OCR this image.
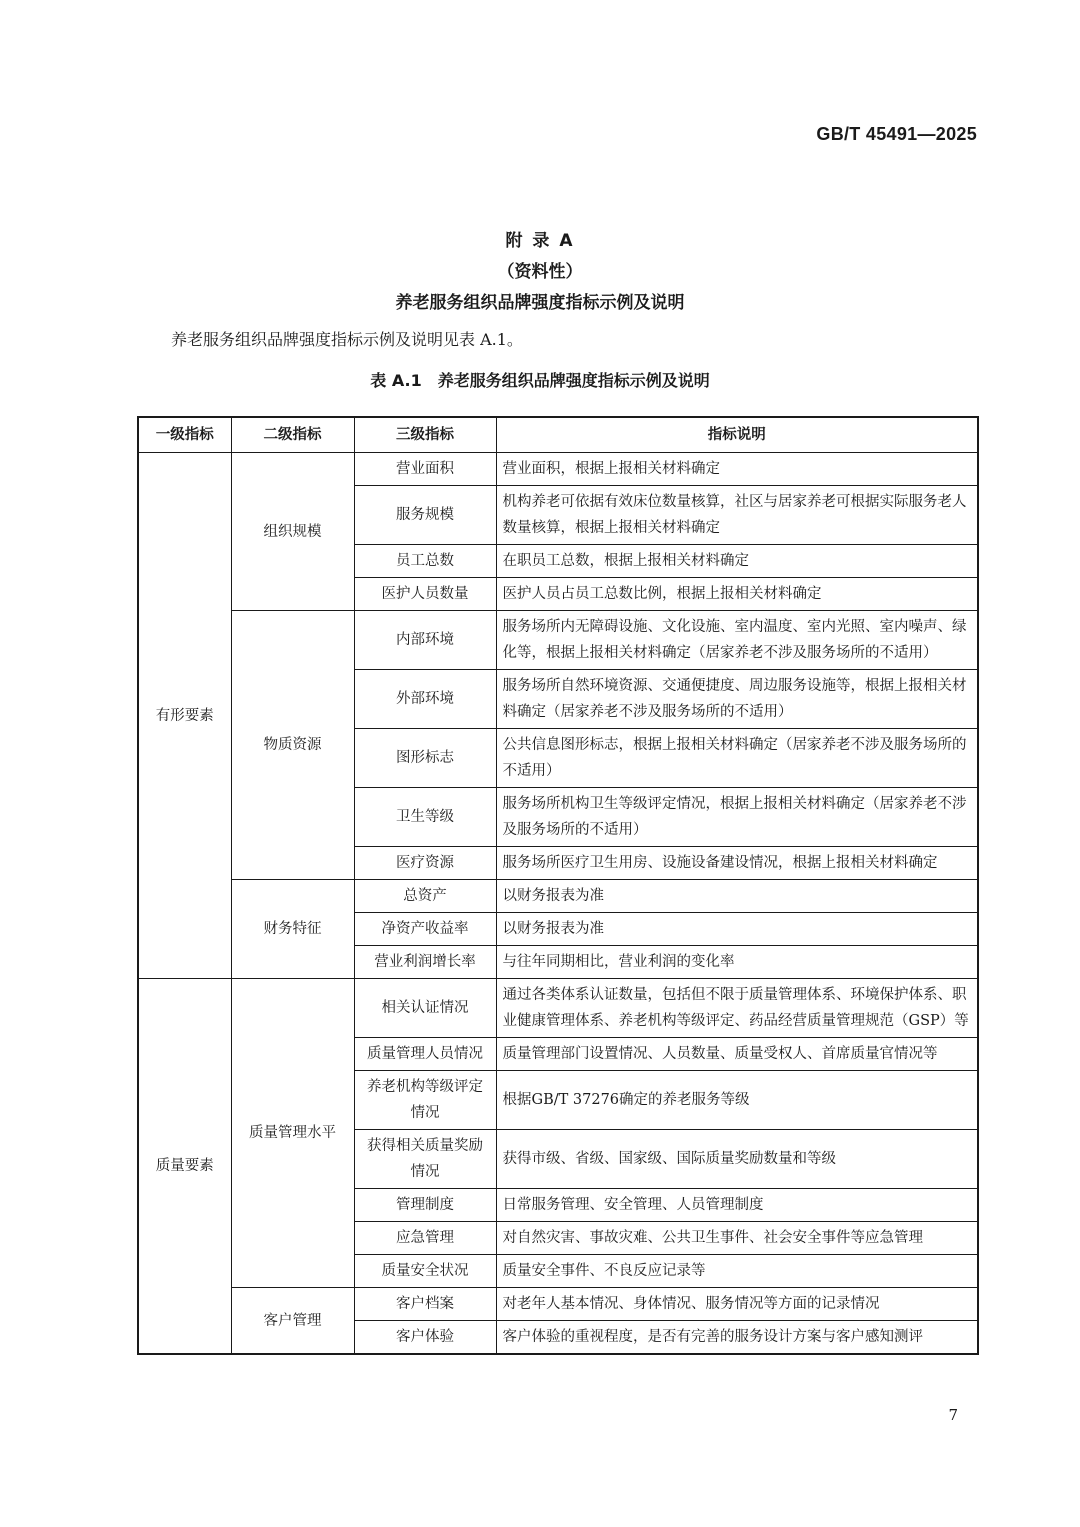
GB/T 45491—2025
附 录 A
（资料性）
养老服务组织品牌强度指标示例及说明
养老服务组织品牌强度指标示例及说明见表 A.1。
表 A.1　养老服务组织品牌强度指标示例及说明
一级指标	二级指标	三级指标	指标说明
有形要素	组织规模	营业面积	营业面积，根据上报相关材料确定
		服务规模	机构养老可依据有效床位数量核算，社区与居家养老可根据实际服务老人数量核算，根据上报相关材料确定
		员工总数	在职员工总数，根据上报相关材料确定
		医护人员数量	医护人员占员工总数比例，根据上报相关材料确定
	物质资源	内部环境	服务场所内无障碍设施、文化设施、室内温度、室内光照、室内噪声、绿化等，根据上报相关材料确定（居家养老不涉及服务场所的不适用）
		外部环境	服务场所自然环境资源、交通便捷度、周边服务设施等，根据上报相关材料确定（居家养老不涉及服务场所的不适用）
		图形标志	公共信息图形标志，根据上报相关材料确定（居家养老不涉及服务场所的不适用）
		卫生等级	服务场所机构卫生等级评定情况，根据上报相关材料确定（居家养老不涉及服务场所的不适用）
		医疗资源	服务场所医疗卫生用房、设施设备建设情况，根据上报相关材料确定
	财务特征	总资产	以财务报表为准
		净资产收益率	以财务报表为准
		营业利润增长率	与往年同期相比，营业利润的变化率
质量要素	质量管理水平	相关认证情况	通过各类体系认证数量，包括但不限于质量管理体系、环境保护体系、职业健康管理体系、养老机构等级评定、药品经营质量管理规范（GSP）等
		质量管理人员情况	质量管理部门设置情况、人员数量、质量受权人、首席质量官情况等
		养老机构等级评定情况	根据GB/T 37276确定的养老服务等级
		获得相关质量奖励情况	获得市级、省级、国家级、国际质量奖励数量和等级
		管理制度	日常服务管理、安全管理、人员管理制度
		应急管理	对自然灾害、事故灾难、公共卫生事件、社会安全事件等应急管理
		质量安全状况	质量安全事件、不良反应记录等
	客户管理	客户档案	对老年人基本情况、身体情况、服务情况等方面的记录情况
		客户体验	客户体验的重视程度，是否有完善的服务设计方案与客户感知测评
7
